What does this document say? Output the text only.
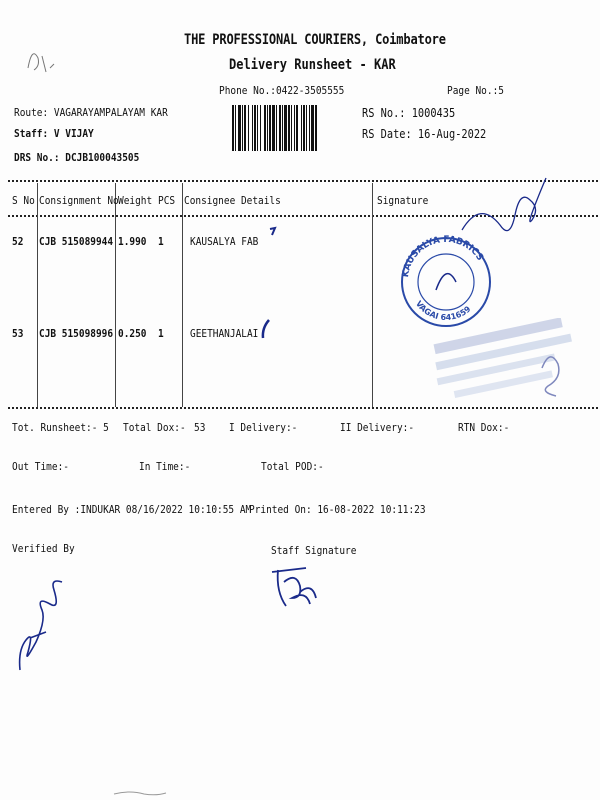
THE PROFESSIONAL COURIERS, Coimbatore
Delivery Runsheet - KAR
Phone No.:0422-3505555	Page No.:5
Route: VAGARAYAMPALAYAM KAR
Staff: V VIJAY
DRS No.: DCJB100043505
RS No.: 1000435
RS Date: 16-Aug-2022
S No Consignment No Weight PCS Consignee Details	Signature
52 CJB 515089944 1.990 1 KAUSALYA FAB
53 CJB 515098996 0.250 1 GEETHANJALAI
KAUSALYA FABRICS
VAGAI 641659
Tot. Runsheet:- 5 Total Dox:- 53 I Delivery:-	II Delivery:-	RTN Dox:-
Out Time:-	In Time:-	Total POD:-
Entered By :INDUKAR 08/16/2022 10:10:55 AM
Printed On: 16-08-2022 10:11:23
Verified By	Staff Signature
